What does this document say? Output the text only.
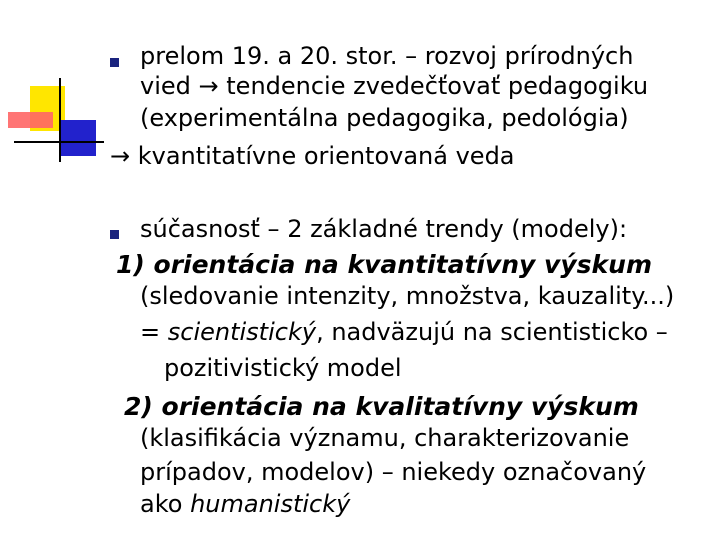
prelom 19. a 20. stor. – rozvoj prírodných
vied → tendencie zvedečťovať pedagogiku
(experimentálna pedagogika, pedológia)
→ kvantitatívne orientovaná veda
súčasnosť – 2 základné trendy (modely):
1) orientácia na kvantitatívny výskum
(sledovanie intenzity, množstva, kauzality...)
= scientistický, nadväzujú na scientisticko –
pozitivistický model
2) orientácia na kvalitatívny výskum
(klasifikácia významu, charakterizovanie
prípadov, modelov) – niekedy označovaný
ako humanistický
